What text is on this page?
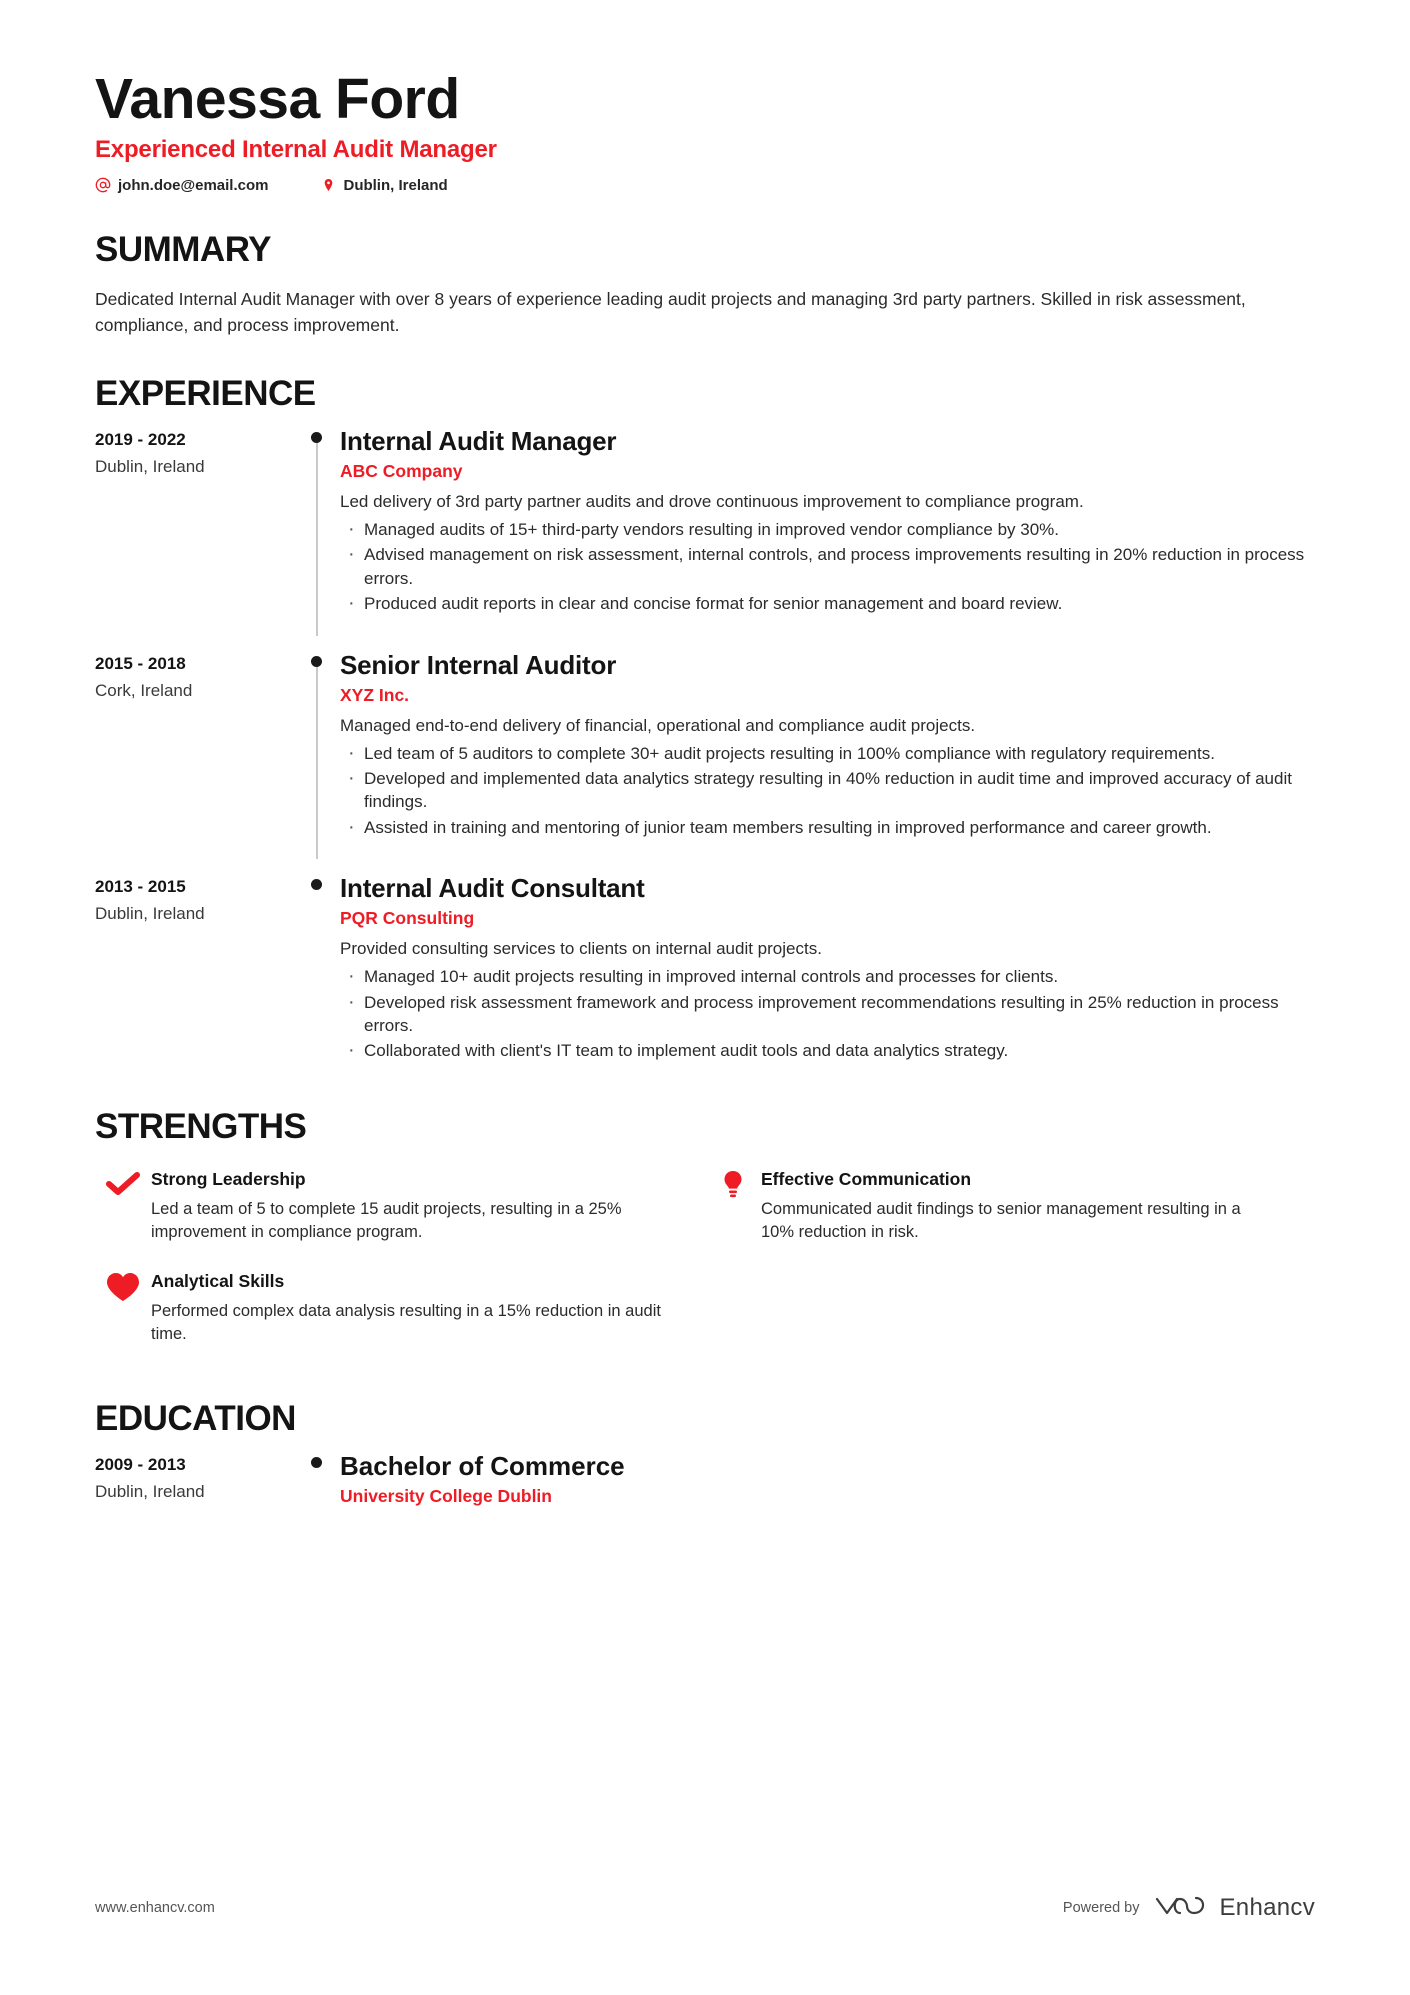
Vanessa Ford
Experienced Internal Audit Manager
john.doe@email.com	Dublin, Ireland
SUMMARY

Dedicated Internal Audit Manager with over 8 years of experience leading audit projects and managing 3rd party partners. Skilled in risk assessment, compliance, and process improvement.

EXPERIENCE
2019 - 2022
Dublin, Ireland
Internal Audit Manager
ABC Company

Led delivery of 3rd party partner audits and drove continuous improvement to compliance program.

· Managed audits of 15+ third-party vendors resulting in improved vendor compliance by 30%.
· Advised management on risk assessment, internal controls, and process improvements resulting in 20% reduction in process errors.
· Produced audit reports in clear and concise format for senior management and board review.
2015 - 2018
Cork, Ireland
Senior Internal Auditor
XYZ Inc.

Managed end-to-end delivery of financial, operational and compliance audit projects.

· Led team of 5 auditors to complete 30+ audit projects resulting in 100% compliance with regulatory requirements.
· Developed and implemented data analytics strategy resulting in 40% reduction in audit time and improved accuracy of audit findings.
· Assisted in training and mentoring of junior team members resulting in improved performance and career growth.
2013 - 2015
Dublin, Ireland
Internal Audit Consultant
PQR Consulting

Provided consulting services to clients on internal audit projects.

· Managed 10+ audit projects resulting in improved internal controls and processes for clients.
· Developed risk assessment framework and process improvement recommendations resulting in 25% reduction in process errors.
· Collaborated with client's IT team to implement audit tools and data analytics strategy.
STRENGTHS
Strong Leadership
Led a team of 5 to complete 15 audit projects, resulting in a 25% improvement in compliance program.
Effective Communication
Communicated audit findings to senior management resulting in a 10% reduction in risk.
Analytical Skills
Performed complex data analysis resulting in a 15% reduction in audit time.
EDUCATION
2009 - 2013
Dublin, Ireland
Bachelor of Commerce
University College Dublin
www.enhancv.com	Powered by	Enhancv
